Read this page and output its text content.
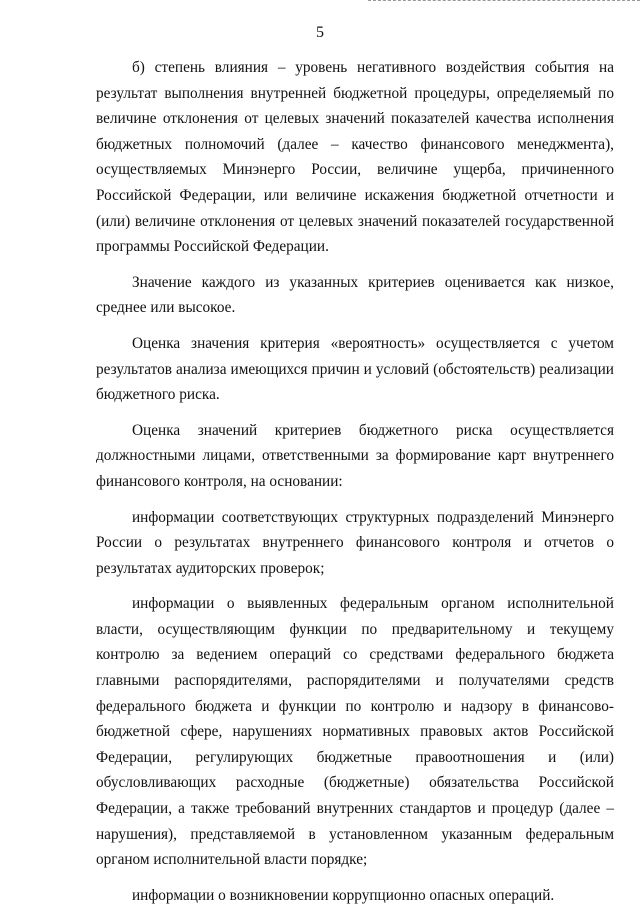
5

б) степень влияния – уровень негативного воздействия события на результат выполнения внутренней бюджетной процедуры, определяемый по величине отклонения от целевых значений показателей качества исполнения бюджетных полномочий (далее – качество финансового менеджмента), осуществляемых Минэнерго России, величине ущерба, причиненного Российской Федерации, или величине искажения бюджетной отчетности и (или) величине отклонения от целевых значений показателей государственной программы Российской Федерации.

Значение каждого из указанных критериев оценивается как низкое, среднее или высокое.

Оценка значения критерия «вероятность» осуществляется с учетом результатов анализа имеющихся причин и условий (обстоятельств) реализации бюджетного риска.

Оценка значений критериев бюджетного риска осуществляется должностными лицами, ответственными за формирование карт внутреннего финансового контроля, на основании:

информации соответствующих структурных подразделений Минэнерго России о результатах внутреннего финансового контроля и отчетов о результатах аудиторских проверок;

информации о выявленных федеральным органом исполнительной власти, осуществляющим функции по предварительному и текущему контролю за ведением операций со средствами федерального бюджета главными распорядителями, распорядителями и получателями средств федерального бюджета и функции по контролю и надзору в финансово-бюджетной сфере, нарушениях нормативных правовых актов Российской Федерации, регулирующих бюджетные правоотношения и (или) обусловливающих расходные (бюджетные) обязательства Российской Федерации, а также требований внутренних стандартов и процедур (далее – нарушения), представляемой в установленном указанным федеральным органом исполнительной власти порядке;

информации о возникновении коррупционно опасных операций.
